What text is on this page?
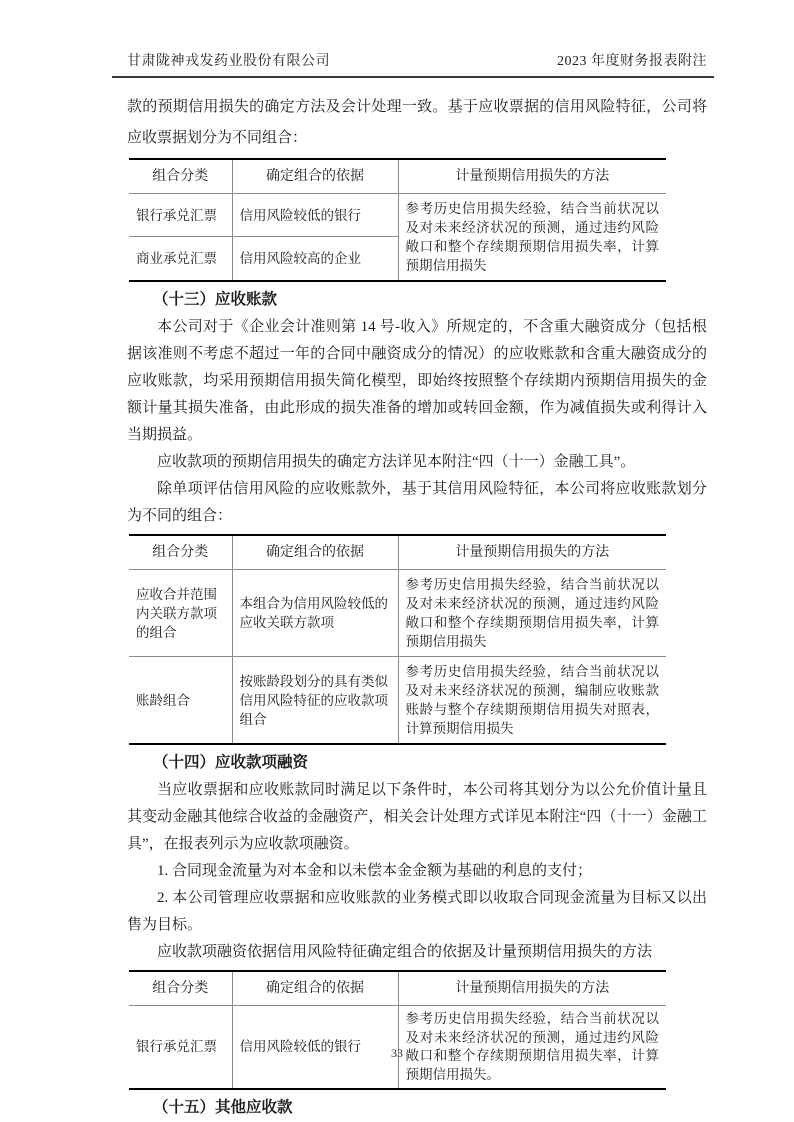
甘肃陇神戎发药业股份有限公司	2023 年度财务报表附注

款的预期信用损失的确定方法及会计处理一致。基于应收票据的信用风险特征，公司将应收票据划分为不同组合：

组合分类	确定组合的依据	计量预期信用损失的方法
银行承兑汇票	信用风险较低的银行	参考历史信用损失经验，结合当前状况以及对未来经济状况的预测，通过违约风险敞口和整个存续期预期信用损失率，计算预期信用损失
商业承兑汇票	信用风险较高的企业	
（十三）应收账款

本公司对于《企业会计准则第 14 号-收入》所规定的，不含重大融资成分（包括根据该准则不考虑不超过一年的合同中融资成分的情况）的应收账款和含重大融资成分的应收账款，均采用预期信用损失简化模型，即始终按照整个存续期内预期信用损失的金额计量其损失准备，由此形成的损失准备的增加或转回金额，作为减值损失或利得计入当期损益。

应收款项的预期信用损失的确定方法详见本附注“四（十一）金融工具”。

除单项评估信用风险的应收账款外，基于其信用风险特征，本公司将应收账款划分为不同的组合：

组合分类	确定组合的依据	计量预期信用损失的方法
应收合并范围内关联方款项的组合	本组合为信用风险较低的应收关联方款项	参考历史信用损失经验，结合当前状况以及对未来经济状况的预测，通过违约风险敞口和整个存续期预期信用损失率，计算预期信用损失
账龄组合	按账龄段划分的具有类似信用风险特征的应收款项组合	参考历史信用损失经验，结合当前状况以及对未来经济状况的预测，编制应收账款账龄与整个存续期预期信用损失对照表，计算预期信用损失
（十四）应收款项融资

当应收票据和应收账款同时满足以下条件时，本公司将其划分为以公允价值计量且其变动金融其他综合收益的金融资产，相关会计处理方式详见本附注“四（十一）金融工具”，在报表列示为应收款项融资。

1. 合同现金流量为对本金和以未偿本金金额为基础的利息的支付；

2. 本公司管理应收票据和应收账款的业务模式即以收取合同现金流量为目标又以出售为目标。

应收款项融资依据信用风险特征确定组合的依据及计量预期信用损失的方法

组合分类	确定组合的依据	计量预期信用损失的方法
银行承兑汇票	信用风险较低的银行	参考历史信用损失经验，结合当前状况以及对未来经济状况的预测，通过违约风险敞口和整个存续期预期信用损失率，计算预期信用损失。
（十五）其他应收款
33
